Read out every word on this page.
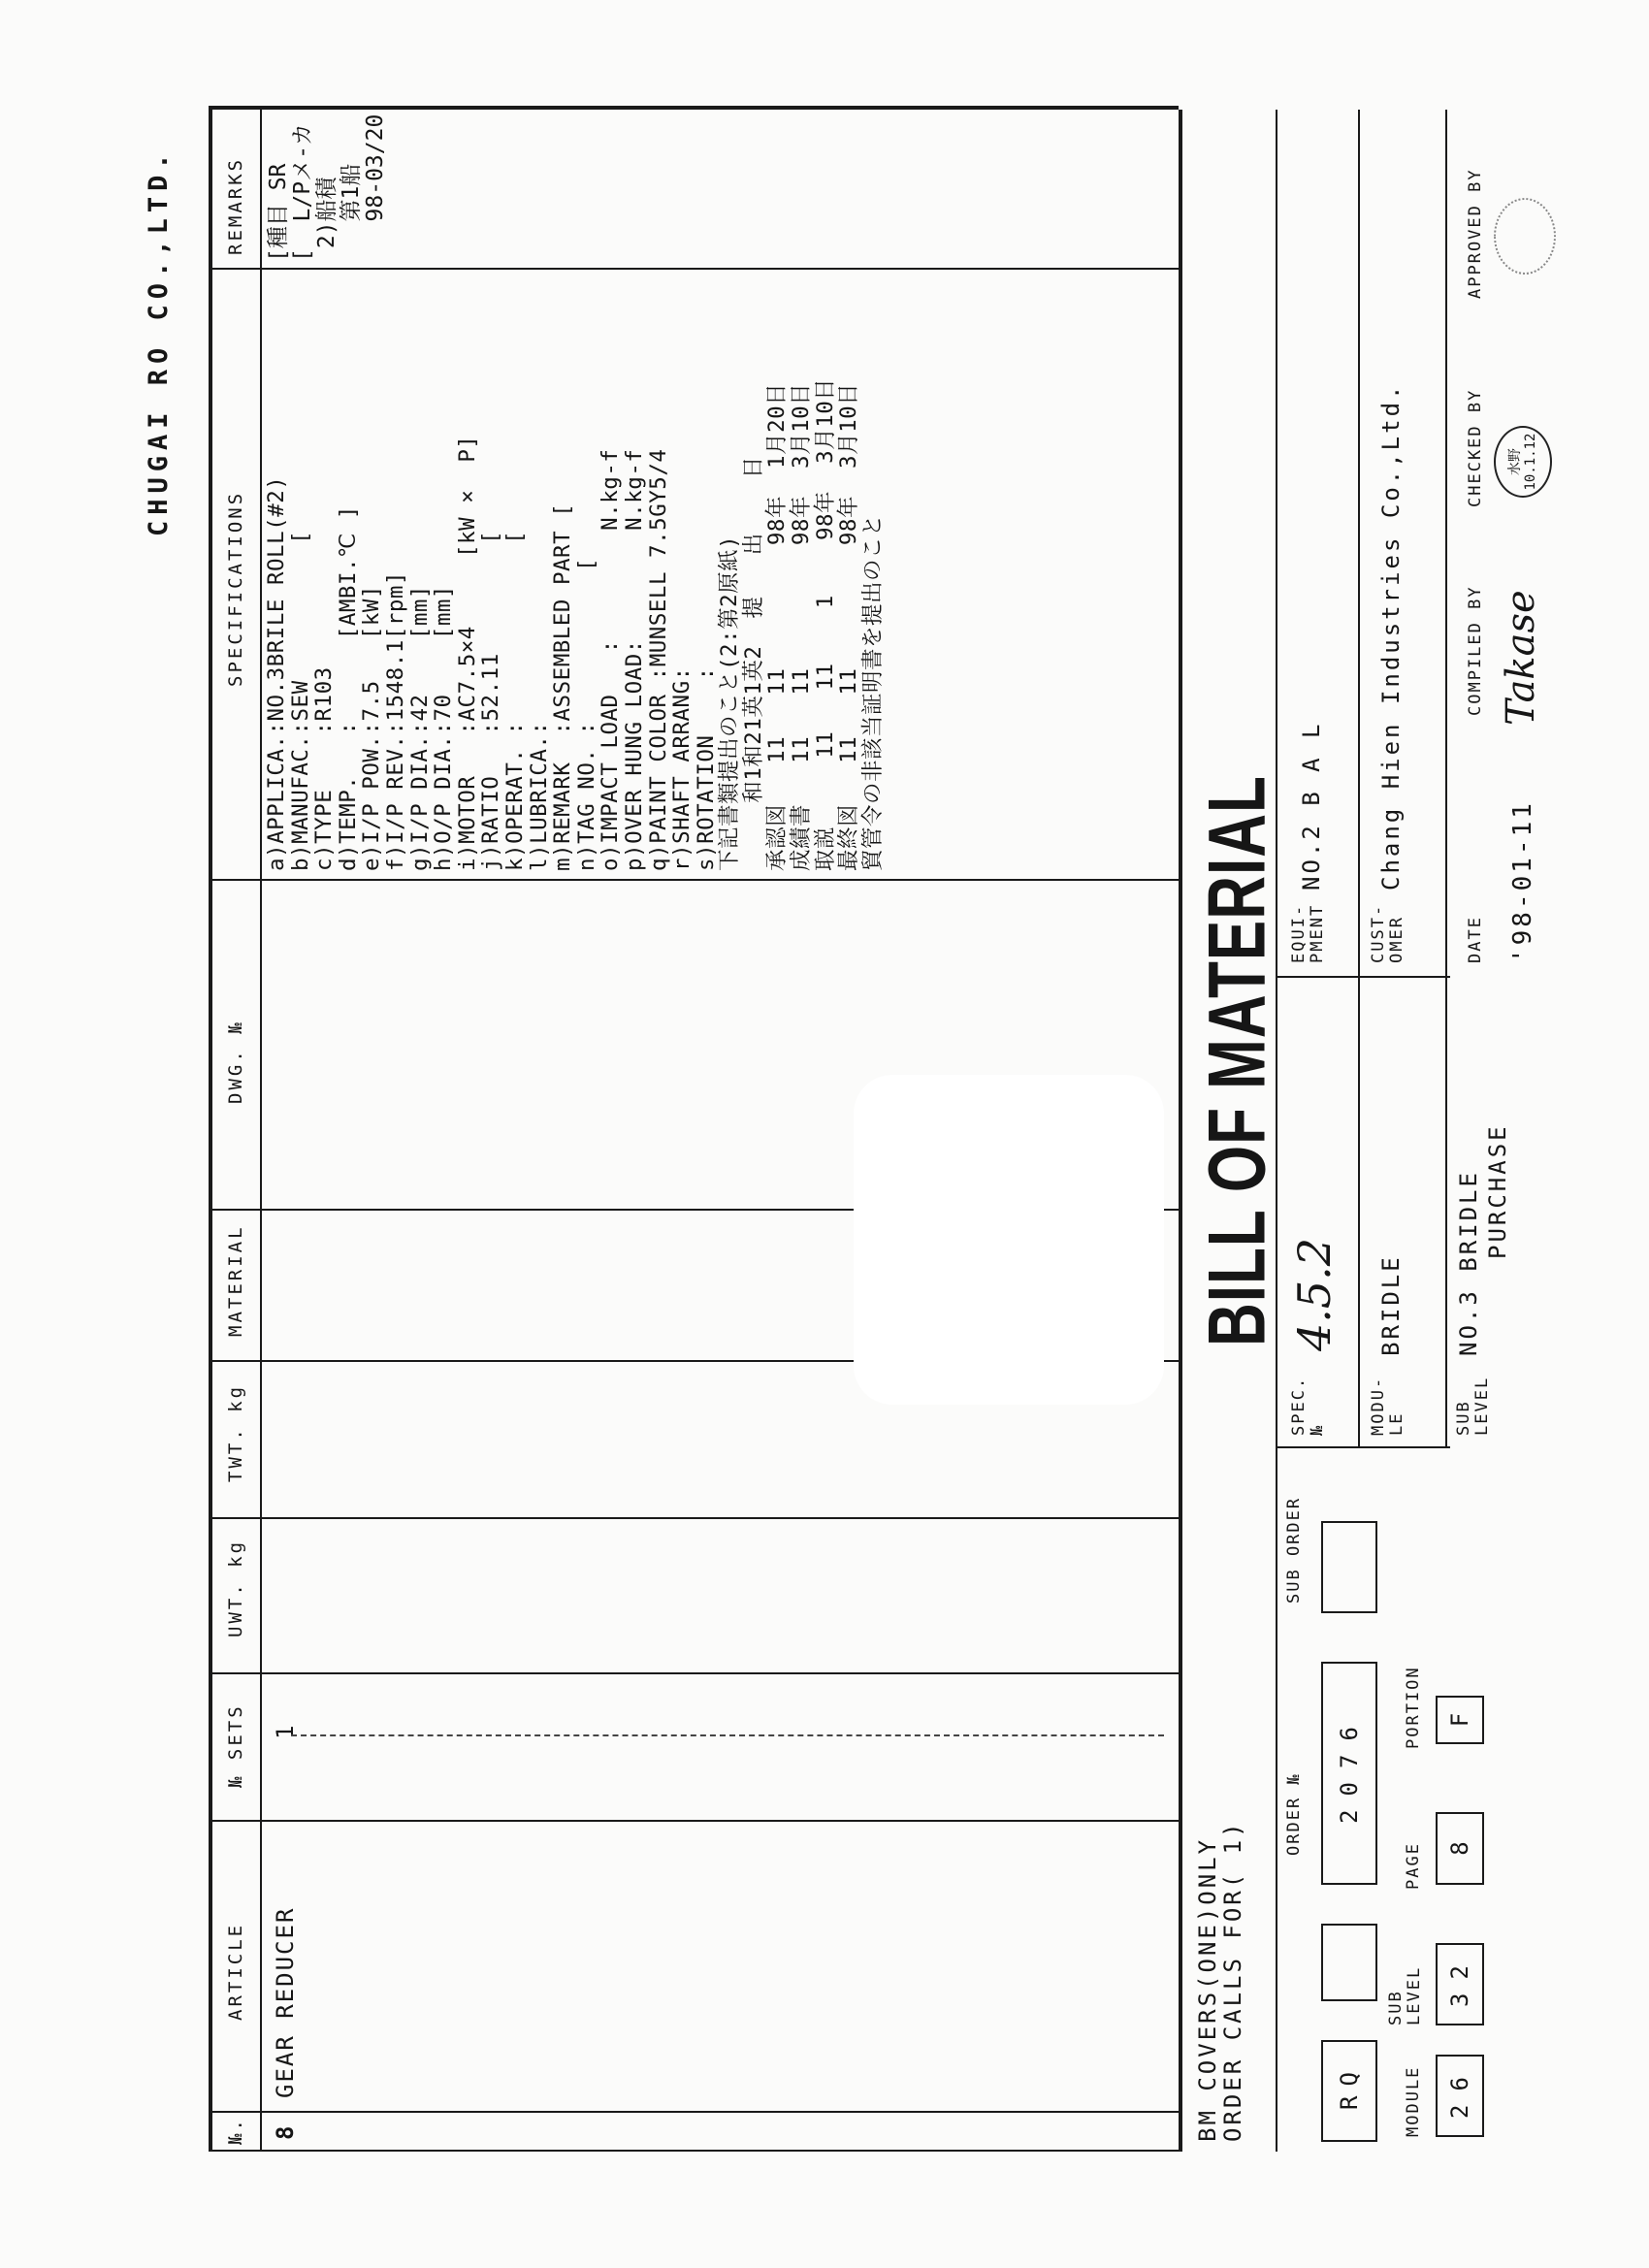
CHUGAI RO CO.,LTD.
№.
ARTICLE
№ SETS
UWT. kg
TWT. kg
MATERIAL
DWG. №
SPECIFICATIONS
REMARKS
8
GEAR REDUCER
1
a)APPLICA.:NO.3BRILE ROLL(#2)
b)MANUFAC.:SEW          [
c)TYPE    :R103
d)TEMP.   :      [AMBI.℃ ]
e)I/P POW.:7.5   [kW]
f)I/P REV.:1548.1[rpm]
g)I/P DIA.:42    [mm]
h)O/P DIA.:70    [mm]
i)MOTOR   :AC7.5×4     [kW ×  P]
j)RATIO   :52.11        [
k)OPERAT. :             [
l)LUBRICA.:
m)REMARK  :ASSEMBLED PART [
n)TAG NO. :           [
o)IMPACT LOAD   :        N.kg-f
p)OVER HUNG LOAD:        N.kg-f
q)PAINT COLOR :MUNSELL 7.5GY5/4
r)SHAFT ARRANG:
s)ROTATION    :
下記書類提出のこと(2:第2原紙)
和1和21英1英2  提   出    日
承認図   11   11         98年  1月20日
成績書   11   11         98年  3月10日
取説     11   11    1    98年  3月10日
最終図   11   11         98年  3月10日
貿管令の非該当証明書を提出のこと
[種目 SR [  L/Pメ-カ 2)船積 第1船 98-03/20
BILL OF MATERIAL
BM COVERS(ONE)ONLY
ORDER CALLS FOR( 1)
ORDER №
SUB ORDER
RQ
2076
MODULE
SUB LEVEL
PAGE
PORTION
26
32
8
F
SPEC. №
4.5.2
EQUI-PMENT
NO.2 B A L
MODU-LE
BRIDLE
CUST-OMER
Chang Hien Industries Co.,Ltd.
SUB LEVEL
NO.3 BRIDLE PURCHASE
DATE '98-01-11
COMPILED BY Takase
CHECKED BY 水野 10.1.12
APPROVED BY
